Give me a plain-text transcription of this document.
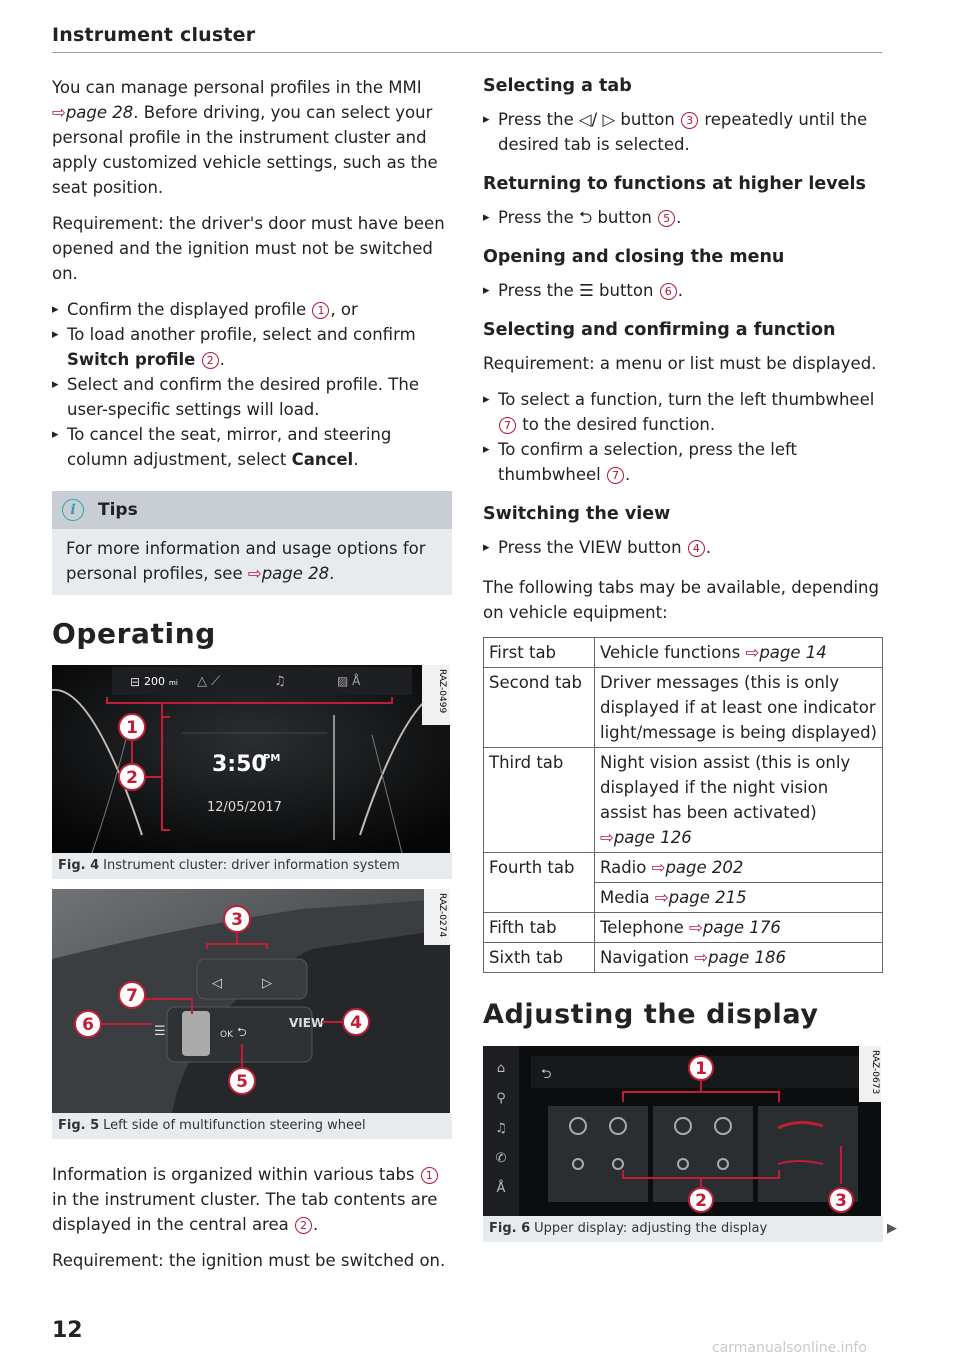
Instrument cluster

You can manage personal profiles in the MMI ⇨page 28. Before driving, you can select your personal profile in the instrument cluster and apply customized vehicle settings, such as the seat position.

Requirement: the driver's door must have been opened and the ignition must not be switched on.

▸ Confirm the displayed profile 1 , or

▸ To load another profile, select and confirm Switch profile 2 .

▸ Select and confirm the desired profile. The user-specific settings will load.

▸ To cancel the seat, mirror, and steering column adjustment, select Cancel.

i	Tips

For more information and usage options for personal profiles, see ⇨page 28.

Operating
RAZ-0499
1
2
⊟ 200 mi △ ⟋	♫	▨ Å
3:50
PM
12/05/2017
Fig. 4 Instrument cluster: driver information system
◁	▷
☰	OK ⮌
VIEW
RAZ-0274
3
7
6	4
5
Fig. 5 Left side of multifunction steering wheel

Information is organized within various tabs 1 in the instrument cluster. The tab contents are displayed in the central area 2 .

Requirement: the ignition must be switched on.

Selecting a tab

▸ Press the ◁/ ▷ button 3 repeatedly until the desired tab is selected.

Returning to functions at higher levels

▸ Press the ⮌ button 5 .

Opening and closing the menu

▸ Press the ☰ button 6 .

Selecting and confirming a function

Requirement: a menu or list must be displayed.

▸ To select a function, turn the left thumbwheel 7 to the desired function.

▸ To confirm a selection, press the left thumbwheel 7 .

Switching the view

▸ Press the VIEW button 4 .

The following tabs may be available, depending on vehicle equipment:

First tab	Vehicle functions ⇨page 14
Second tab	Driver messages (this is only displayed if at least one indicator light/message is being displayed)
Third tab	Night vision assist (this is only displayed if the night vision assist has been activated) ⇨page 126
Fourth tab	Radio ⇨page 202
	Media ⇨page 215
Fifth tab	Telephone ⇨page 176
Sixth tab	Navigation ⇨page 186
Adjusting the display
⌂
⚲
♫
✆
Å
⮌	RAZ-0673
1
2	3
Fig. 6 Upper display: adjusting the display	▶
12
carmanualsonline.info
